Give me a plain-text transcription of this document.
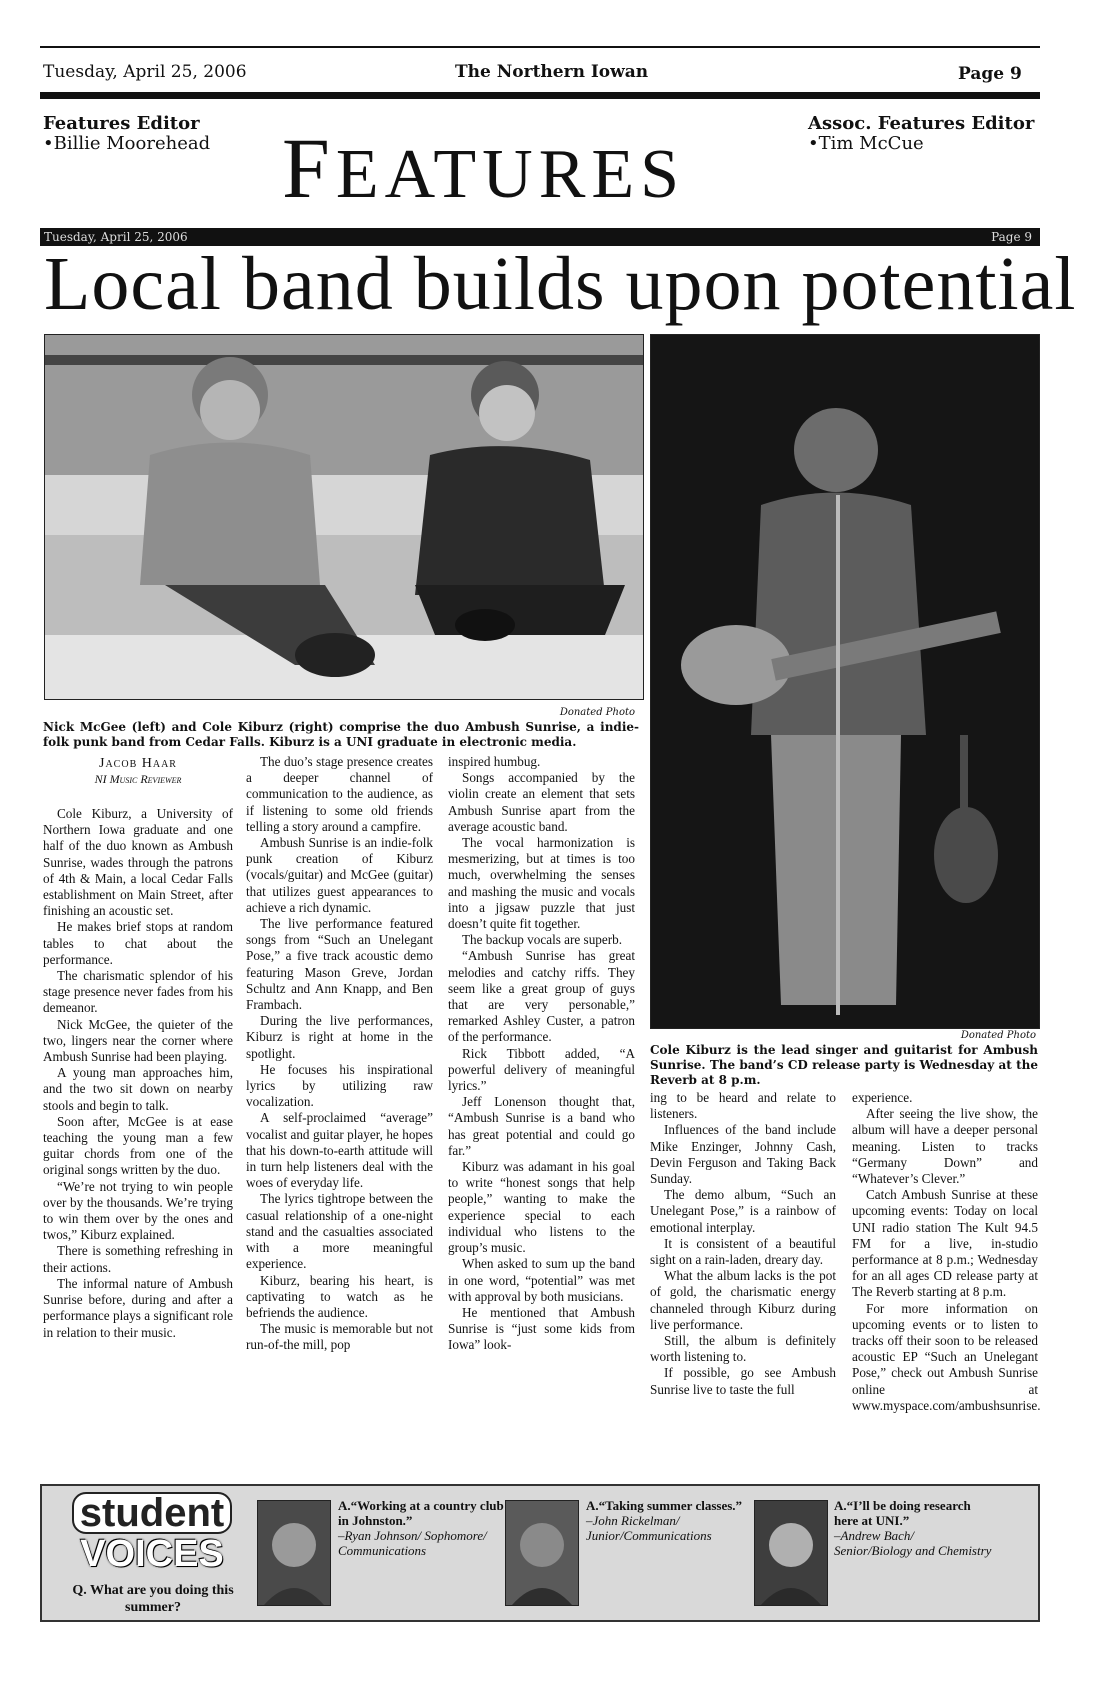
Tuesday, April 25, 2006	The Northern Iowan	Page 9
Features Editor
•Billie Moorehead FEATURES
Assoc. Features Editor
•Tim McCue
Tuesday, April 25, 2006	Page 9
Local band builds upon potential
Donated Photo
Nick McGee (left) and Cole Kiburz (right) comprise the duo Ambush Sunrise, a indie-folk punk band from Cedar Falls. Kiburz is a UNI graduate in electronic media.
Donated Photo
Cole Kiburz is the lead singer and guitarist for Ambush Sunrise. The band’s CD release party is Wednesday at the Reverb at 8 p.m.
Jacob Haar
NI Music Reviewer

Cole Kiburz, a University of Northern Iowa graduate and one half of the duo known as Ambush Sunrise, wades through the patrons of 4th & Main, a local Cedar Falls establishment on Main Street, after finishing an acoustic set.

He makes brief stops at random tables to chat about the performance.

The charismatic splendor of his stage presence never fades from his demeanor.

Nick McGee, the quieter of the two, lingers near the corner where Ambush Sunrise had been playing.

A young man approaches him, and the two sit down on nearby stools and begin to talk.

Soon after, McGee is at ease teaching the young man a few guitar chords from one of the original songs written by the duo.

“We’re not trying to win people over by the thousands. We’re trying to win them over by the ones and twos,” Kiburz explained.

There is something refreshing in their actions.

The informal nature of Ambush Sunrise before, during and after a performance plays a significant role in relation to their music.

The duo’s stage presence creates a deeper channel of communication to the audience, as if listening to some old friends telling a story around a campfire.

Ambush Sunrise is an indie-folk punk creation of Kiburz (vocals/guitar) and McGee (guitar) that utilizes guest appearances to achieve a rich dynamic.

The live performance featured songs from “Such an Unelegant Pose,” a five track acoustic demo featuring Mason Greve, Jordan Schultz and Ann Knapp, and Ben Frambach.

During the live performances, Kiburz is right at home in the spotlight.

He focuses his inspirational lyrics by utilizing raw vocalization.

A self-proclaimed “average” vocalist and guitar player, he hopes that his down-to-earth attitude will in turn help listeners deal with the woes of everyday life.

The lyrics tightrope between the casual relationship of a one-night stand and the casualties associated with a more meaningful experience.

Kiburz, bearing his heart, is captivating to watch as he befriends the audience.

The music is memorable but not run-of-the mill, pop

inspired humbug.

Songs accompanied by the violin create an element that sets Ambush Sunrise apart from the average acoustic band.

The vocal harmonization is mesmerizing, but at times is too much, overwhelming the senses and mashing the music and vocals into a jigsaw puzzle that just doesn’t quite fit together.

The backup vocals are superb.

“Ambush Sunrise has great melodies and catchy riffs. They seem like a great group of guys that are very personable,” remarked Ashley Custer, a patron of the performance.

Rick Tibbott added, “A powerful delivery of meaningful lyrics.”

Jeff Lonenson thought that, “Ambush Sunrise is a band who has great potential and could go far.”

Kiburz was adamant in his goal to write “honest songs that help people,” wanting to make the experience special to each individual who listens to the group’s music.

When asked to sum up the band in one word, “potential” was met with approval by both musicians.

He mentioned that Ambush Sunrise is “just some kids from Iowa” look-

ing to be heard and relate to listeners.

Influences of the band include Mike Enzinger, Johnny Cash, Devin Ferguson and Taking Back Sunday.

The demo album, “Such an Unelegant Pose,” is a rainbow of emotional interplay.

It is consistent of a beautiful sight on a rain-laden, dreary day.

What the album lacks is the pot of gold, the charismatic energy channeled through Kiburz during live performance.

Still, the album is definitely worth listening to.

If possible, go see Ambush Sunrise live to taste the full

experience.

After seeing the live show, the album will have a deeper personal meaning. Listen to tracks “Germany Down” and “Whatever’s Clever.”

Catch Ambush Sunrise at these upcoming events: Today on local UNI radio station The Kult 94.5 FM for a live, in-studio performance at 8 p.m.; Wednesday for an all ages CD release party at The Reverb starting at 8 p.m.

For more information on upcoming events or to listen to tracks off their soon to be released acoustic EP “Such an Unelegant Pose,” check out Ambush Sunrise online at www.myspace.com/ambushsunrise.

student
VOICES
Q. What are you doing this summer?
A.“Working at a country club in Johnston.”
–Ryan Johnson/ Sophomore/ Communications
A.“Taking summer classes.”
–John Rickelman/ Junior/Communications
A.“I’ll be doing research here at UNI.”
–Andrew Bach/ Senior/Biology and Chemistry
